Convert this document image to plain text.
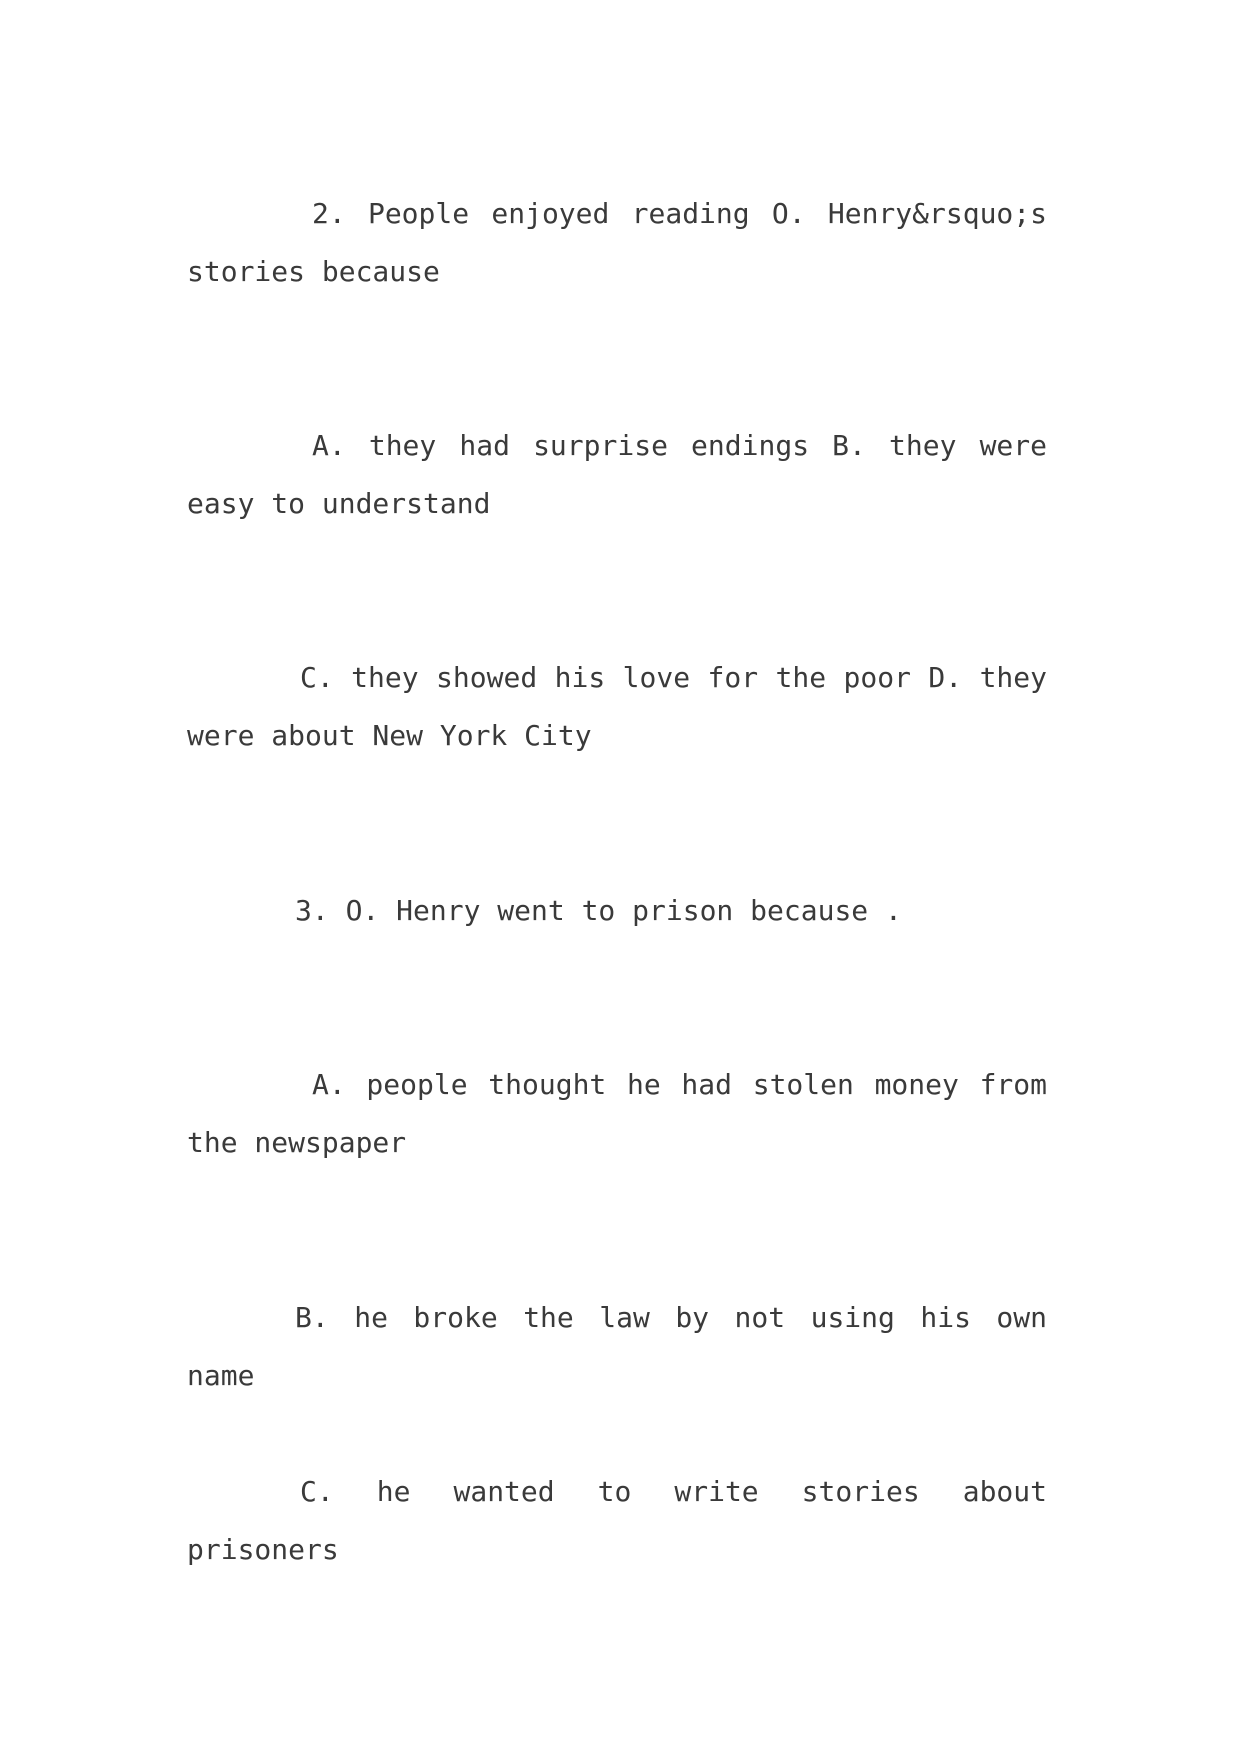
2. People enjoyed reading O. Henry&rsquo;s stories because

A. they had surprise endings B. they were easy to understand

C. they showed his love for the poor D. they were about New York City

3. O. Henry went to prison because .

A. people thought he had stolen money from the newspaper

B. he broke the law by not using his own name

C. he wanted to write stories about prisoners
